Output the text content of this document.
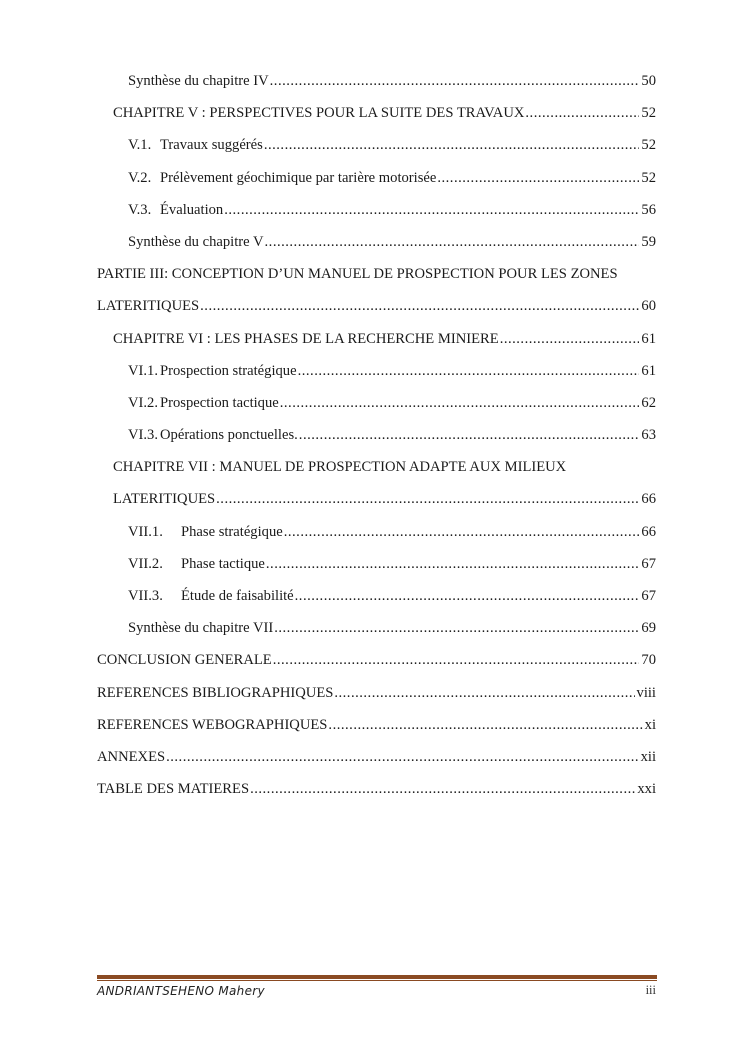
Synthèse du chapitre IV .....	50
CHAPITRE V : PERSPECTIVES POUR LA SUITE DES TRAVAUX .....	52
V.1. Travaux suggérés .....	52
V.2. Prélèvement géochimique par tarière motorisée .....	52
V.3. Évaluation .....	56
Synthèse du chapitre V .....	59
PARTIE III: CONCEPTION D’UN MANUEL DE PROSPECTION POUR LES ZONES
LATERITIQUES .....	60
CHAPITRE VI : LES PHASES DE LA RECHERCHE MINIERE .....	61
VI.1. Prospection stratégique .....	61
VI.2. Prospection tactique .....	62
VI.3. Opérations ponctuelles. .....	63
CHAPITRE VII : MANUEL DE PROSPECTION ADAPTE AUX MILIEUX
LATERITIQUES .....	66
VII.1.	Phase stratégique .....	66
VII.2.	Phase tactique .....	67
VII.3.	Étude de faisabilité .....	67
Synthèse du chapitre VII .....	69
CONCLUSION GENERALE .....	70
REFERENCES BIBLIOGRAPHIQUES .....	viii
REFERENCES WEBOGRAPHIQUES .....	xi
ANNEXES .....	xii
TABLE DES MATIERES .....	xxi
ANDRIANTSEHENO Mahery	iii
